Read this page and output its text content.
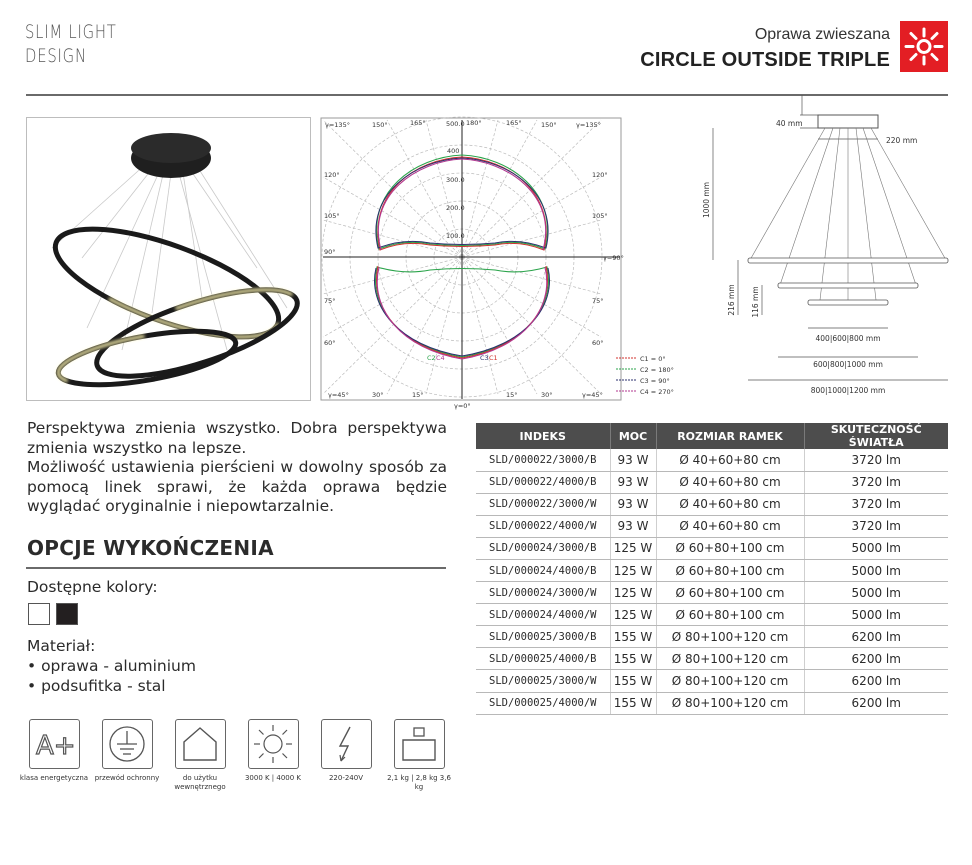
SLIM LIGHT
DESIGN
Oprawa zwieszana
CIRCLE OUTSIDE TRIPLE
γ=135°	150°	165°	180°	165°	150°	γ=135°
120°	120°
105°	105°
90°
γ=90°
75°	75°
60°	60°
γ=45°	30°	15°
γ=0°
15°	30°	γ=45°
500.0
400
300.0
200.0
100.0
C2 C4	C3 C1	C1 = 0°
C2 = 180°
C3 = 90°
C4 = 270°
40 mm
220 mm
1000 mm
216 mm 116 mm
400|600|800 mm
600|800|1000 mm
800|1000|1200 mm

Perspektywa zmienia wszystko. Dobra perspektywa zmienia wszystko na lepsze.

Możliwość ustawienia pierścieni w dowolny sposób za pomocą linek sprawi, że każda oprawa będzie wyglądać oryginalnie i niepowtarzalnie.

OPCJE WYKOŃCZENIA
Dostępne kolory:
Materiał:
• oprawa - aluminium
• podsufitka - stal
A+
klasa energetyczna przewód ochronny	do użytku wewnętrznego
3000 K | 4000 K	220-240V	2,1 kg | 2,8 kg 3,6 kg
INDEKS	MOC	ROZMIAR RAMEK	SKUTECZNOŚĆ ŚWIATŁA
SLD/000022/3000/B	93 W	Ø 40+60+80 cm	3720 lm
SLD/000022/4000/B	93 W	Ø 40+60+80 cm	3720 lm
SLD/000022/3000/W	93 W	Ø 40+60+80 cm	3720 lm
SLD/000022/4000/W	93 W	Ø 40+60+80 cm	3720 lm
SLD/000024/3000/B	125 W	Ø 60+80+100 cm	5000 lm
SLD/000024/4000/B	125 W	Ø 60+80+100 cm	5000 lm
SLD/000024/3000/W	125 W	Ø 60+80+100 cm	5000 lm
SLD/000024/4000/W	125 W	Ø 60+80+100 cm	5000 lm
SLD/000025/3000/B	155 W	Ø 80+100+120 cm	6200 lm
SLD/000025/4000/B	155 W	Ø 80+100+120 cm	6200 lm
SLD/000025/3000/W	155 W	Ø 80+100+120 cm	6200 lm
SLD/000025/4000/W	155 W	Ø 80+100+120 cm	6200 lm
